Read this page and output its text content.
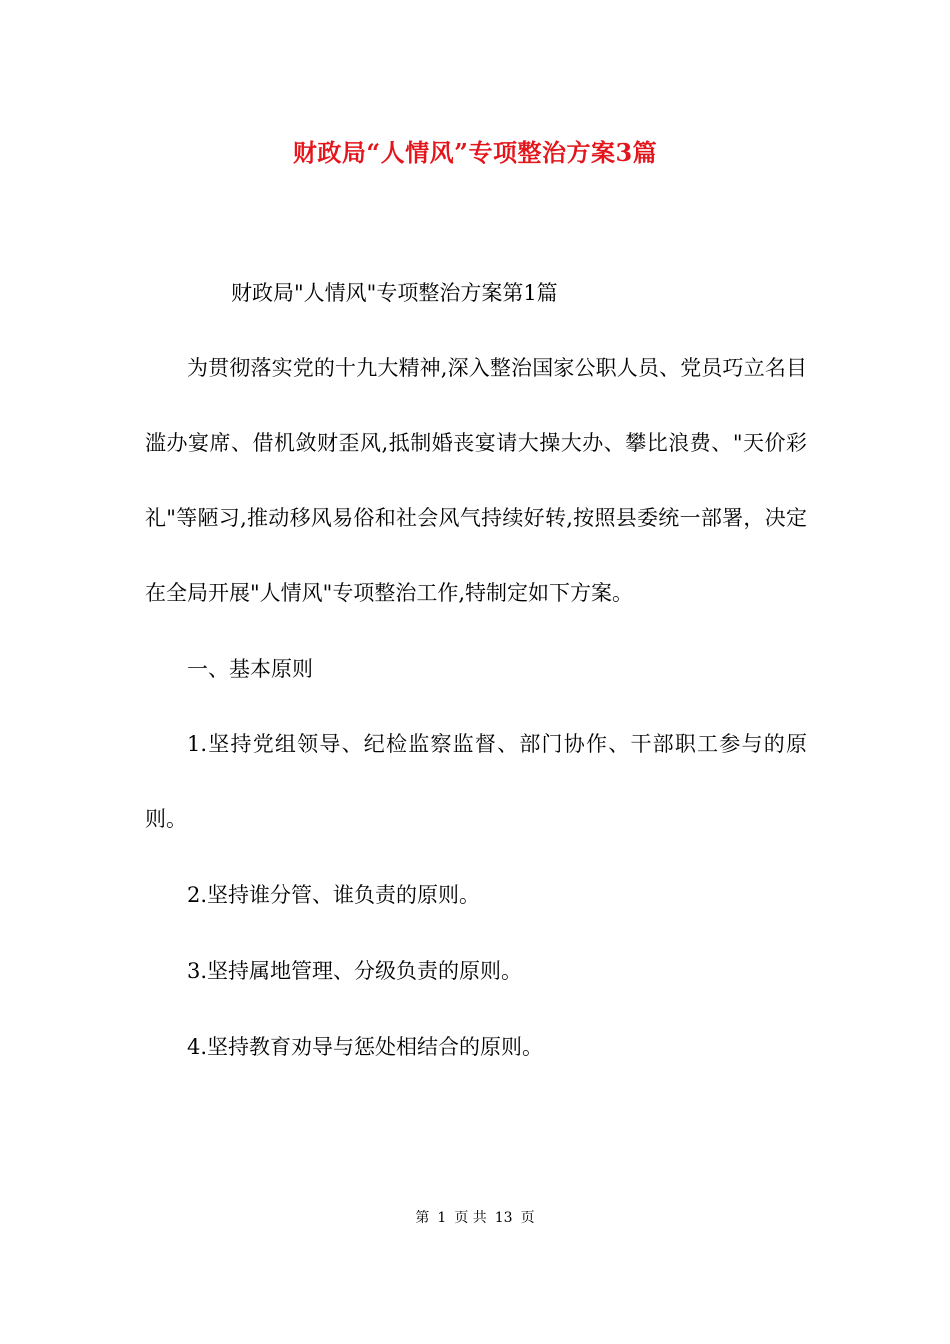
财政局“人情风”专项整治方案3篇

财政局"人情风"专项整治方案第1篇

为贯彻落实党的十九大精神,深入整治国家公职人员、党员巧立名目滥办宴席、借机敛财歪风,抵制婚丧宴请大操大办、攀比浪费、"天价彩礼"等陋习,推动移风易俗和社会风气持续好转,按照县委统一部署，决定在全局开展"人情风"专项整治工作,特制定如下方案。

一、基本原则

1.坚持党组领导、纪检监察监督、部门协作、干部职工参与的原则。

2.坚持谁分管、谁负责的原则。

3.坚持属地管理、分级负责的原则。

4.坚持教育劝导与惩处相结合的原则。

第 1 页 共 13 页
